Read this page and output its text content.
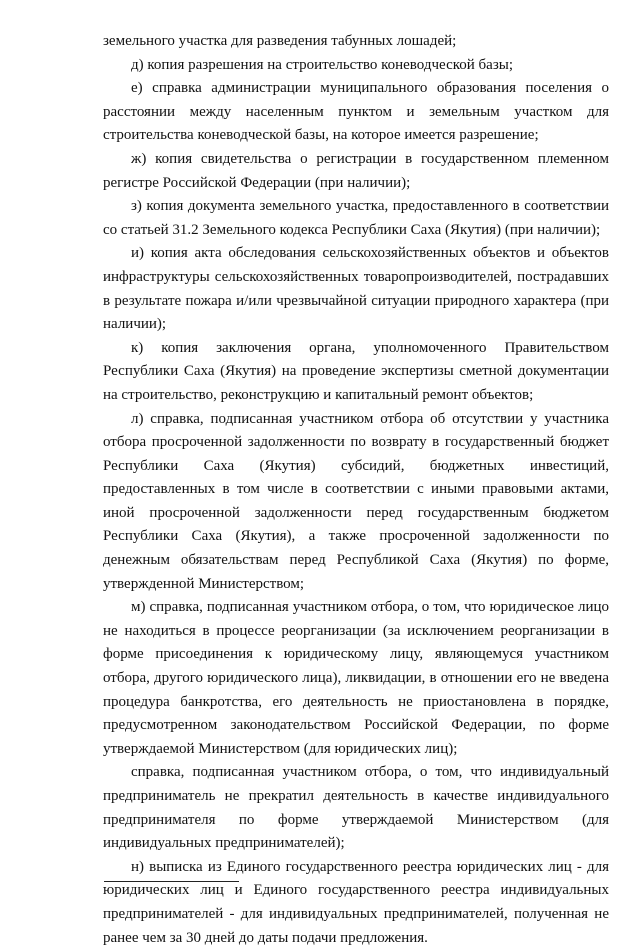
земельного участка для разведения табунных лошадей;

д) копия разрешения на строительство коневодческой базы;

е) справка администрации муниципального образования поселения о расстоянии между населенным пунктом и земельным участком для строительства коневодческой базы, на которое имеется разрешение;

ж) копия свидетельства о регистрации в государственном племенном регистре Российской Федерации (при наличии);

з) копия документа земельного участка, предоставленного в соответствии со статьей 31.2 Земельного кодекса Республики Саха (Якутия) (при наличии);

и) копия акта обследования сельскохозяйственных объектов и объектов инфраструктуры сельскохозяйственных товаропроизводителей, пострадавших в результате пожара и/или чрезвычайной ситуации природного характера (при наличии);

к) копия заключения органа, уполномоченного Правительством Республики Саха (Якутия) на проведение экспертизы сметной документации на строительство, реконструкцию и капитальный ремонт объектов;

л) справка, подписанная участником отбора об отсутствии у участника отбора просроченной задолженности по возврату в государственный бюджет Республики Саха (Якутия) субсидий, бюджетных инвестиций, предоставленных в том числе в соответствии с иными правовыми актами, иной просроченной задолженности перед государственным бюджетом Республики Саха (Якутия), а также просроченной задолженности по денежным обязательствам перед Республикой Саха (Якутия) по форме, утвержденной Министерством;

м) справка, подписанная участником отбора, о том, что юридическое лицо не находиться в процессе реорганизации (за исключением реорганизации в форме присоединения к юридическому лицу, являющемуся участником отбора, другого юридического лица), ликвидации, в отношении его не введена процедура банкротства, его деятельность не приостановлена в порядке, предусмотренном законодательством Российской Федерации, по форме утверждаемой Министерством (для юридических лиц);

справка, подписанная участником отбора, о том, что индивидуальный предприниматель не прекратил деятельность в качестве индивидуального предпринимателя по форме утверждаемой Министерством (для индивидуальных предпринимателей);

н) выписка из Единого государственного реестра юридических лиц - для юридических лиц и Единого государственного реестра индивидуальных предпринимателей - для индивидуальных предпринимателей, полученная не ранее чем за 30 дней до даты подачи предложения.
